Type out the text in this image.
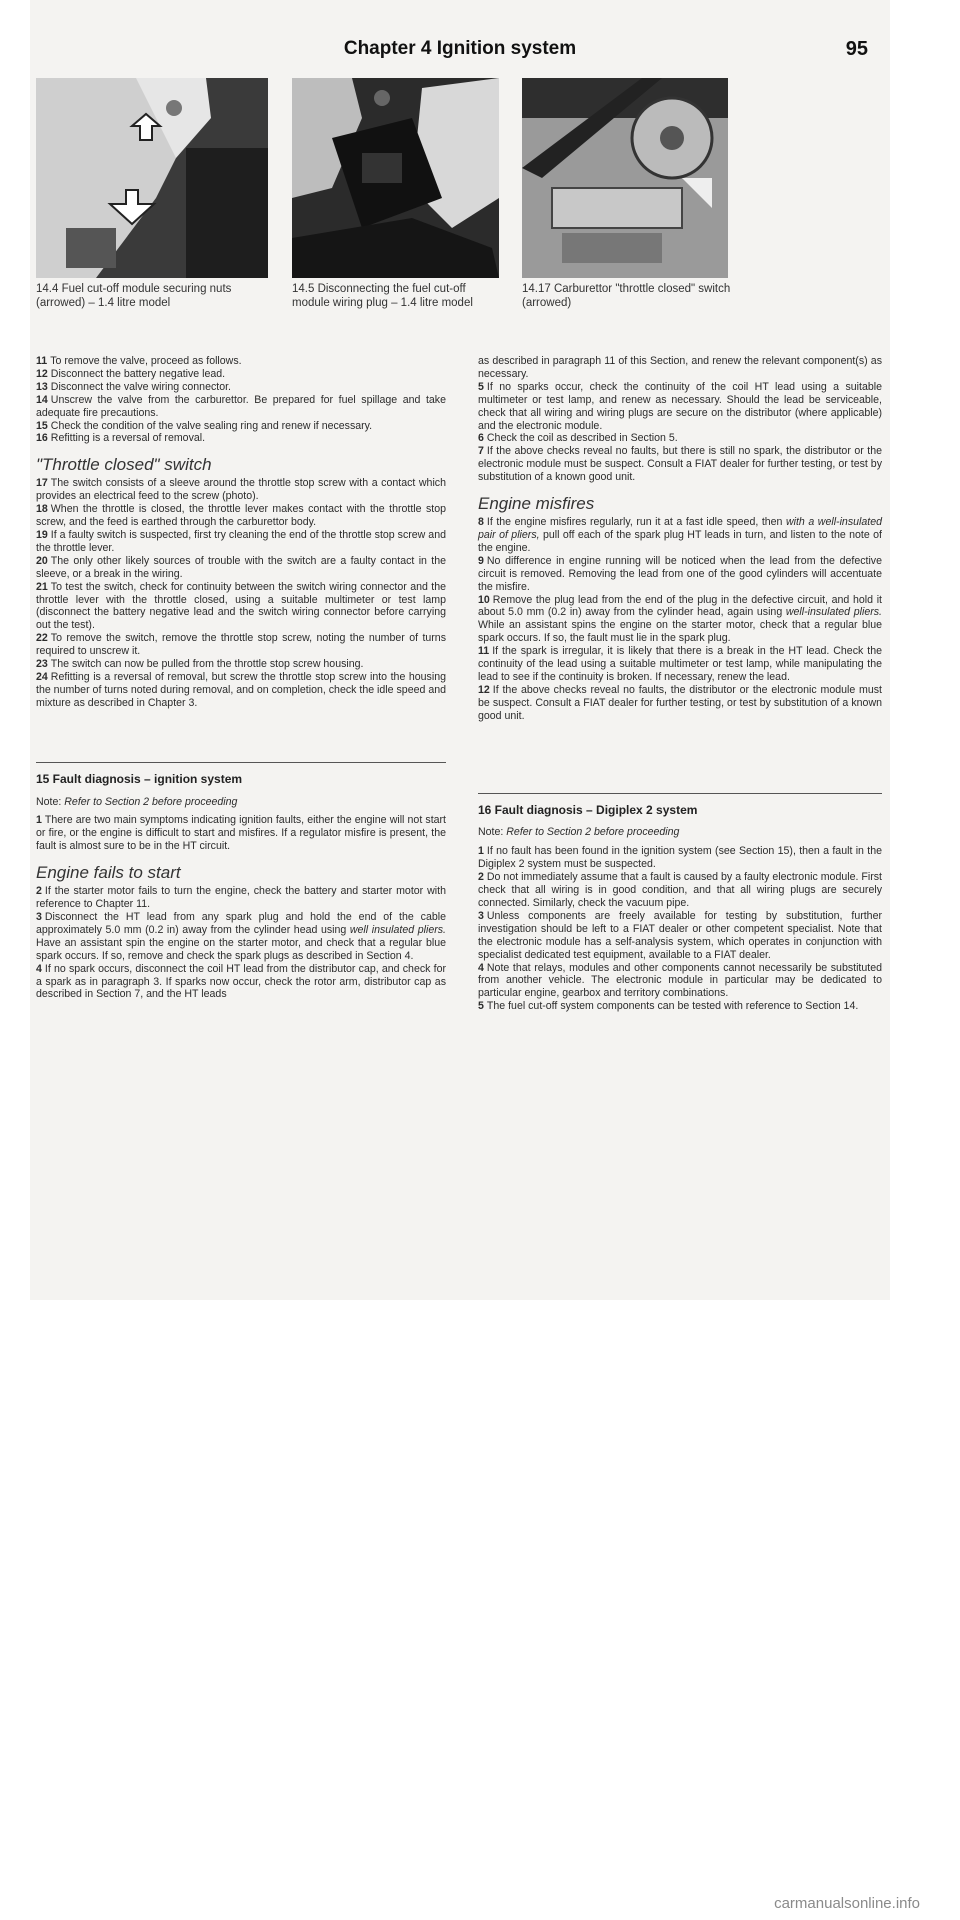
Chapter 4 Ignition system	95
14.4 Fuel cut-off module securing nuts (arrowed) – 1.4 litre model
14.5 Disconnecting the fuel cut-off module wiring plug – 1.4 litre model
14.17 Carburettor "throttle closed" switch (arrowed)

11 To remove the valve, proceed as follows.

12 Disconnect the battery negative lead.

13 Disconnect the valve wiring connector.

14 Unscrew the valve from the carburettor. Be prepared for fuel spillage and take adequate fire precautions.

15 Check the condition of the valve sealing ring and renew if necessary.

16 Refitting is a reversal of removal.

"Throttle closed" switch

17 The switch consists of a sleeve around the throttle stop screw with a contact which provides an electrical feed to the screw (photo).

18 When the throttle is closed, the throttle lever makes contact with the throttle stop screw, and the feed is earthed through the carburettor body.

19 If a faulty switch is suspected, first try cleaning the end of the throttle stop screw and the throttle lever.

20 The only other likely sources of trouble with the switch are a faulty contact in the sleeve, or a break in the wiring.

21 To test the switch, check for continuity between the switch wiring connector and the throttle lever with the throttle closed, using a suitable multimeter or test lamp (disconnect the battery negative lead and the switch wiring connector before carrying out the test).

22 To remove the switch, remove the throttle stop screw, noting the number of turns required to unscrew it.

23 The switch can now be pulled from the throttle stop screw housing.

24 Refitting is a reversal of removal, but screw the throttle stop screw into the housing the number of turns noted during removal, and on completion, check the idle speed and mixture as described in Chapter 3.

15 Fault diagnosis – ignition system

Note: Refer to Section 2 before proceeding

1 There are two main symptoms indicating ignition faults, either the engine will not start or fire, or the engine is difficult to start and misfires. If a regulator misfire is present, the fault is almost sure to be in the HT circuit.

Engine fails to start

2 If the starter motor fails to turn the engine, check the battery and starter motor with reference to Chapter 11.

3 Disconnect the HT lead from any spark plug and hold the end of the cable approximately 5.0 mm (0.2 in) away from the cylinder head using well insulated pliers. Have an assistant spin the engine on the starter motor, and check that a regular blue spark occurs. If so, remove and check the spark plugs as described in Section 4.

4 If no spark occurs, disconnect the coil HT lead from the distributor cap, and check for a spark as in paragraph 3. If sparks now occur, check the rotor arm, distributor cap as described in Section 7, and the HT leads

as described in paragraph 11 of this Section, and renew the relevant component(s) as necessary.

5 If no sparks occur, check the continuity of the coil HT lead using a suitable multimeter or test lamp, and renew as necessary. Should the lead be serviceable, check that all wiring and wiring plugs are secure on the distributor (where applicable) and the electronic module.

6 Check the coil as described in Section 5.

7 If the above checks reveal no faults, but there is still no spark, the distributor or the electronic module must be suspect. Consult a FIAT dealer for further testing, or test by substitution of a known good unit.

Engine misfires

8 If the engine misfires regularly, run it at a fast idle speed, then with a well-insulated pair of pliers, pull off each of the spark plug HT leads in turn, and listen to the note of the engine.

9 No difference in engine running will be noticed when the lead from the defective circuit is removed. Removing the lead from one of the good cylinders will accentuate the misfire.

10 Remove the plug lead from the end of the plug in the defective circuit, and hold it about 5.0 mm (0.2 in) away from the cylinder head, again using well-insulated pliers. While an assistant spins the engine on the starter motor, check that a regular blue spark occurs. If so, the fault must lie in the spark plug.

11 If the spark is irregular, it is likely that there is a break in the HT lead. Check the continuity of the lead using a suitable multimeter or test lamp, while manipulating the lead to see if the continuity is broken. If necessary, renew the lead.

12 If the above checks reveal no faults, the distributor or the electronic module must be suspect. Consult a FIAT dealer for further testing, or test by substitution of a known good unit.

16 Fault diagnosis – Digiplex 2 system

Note: Refer to Section 2 before proceeding

1 If no fault has been found in the ignition system (see Section 15), then a fault in the Digiplex 2 system must be suspected.

2 Do not immediately assume that a fault is caused by a faulty electronic module. First check that all wiring is in good condition, and that all wiring plugs are securely connected. Similarly, check the vacuum pipe.

3 Unless components are freely available for testing by substitution, further investigation should be left to a FIAT dealer or other competent specialist. Note that the electronic module has a self-analysis system, which operates in conjunction with specialist dedicated test equipment, available to a FIAT dealer.

4 Note that relays, modules and other components cannot necessarily be substituted from another vehicle. The electronic module in particular may be dedicated to particular engine, gearbox and territory combinations.

5 The fuel cut-off system components can be tested with reference to Section 14.

carmanualsonline.info
